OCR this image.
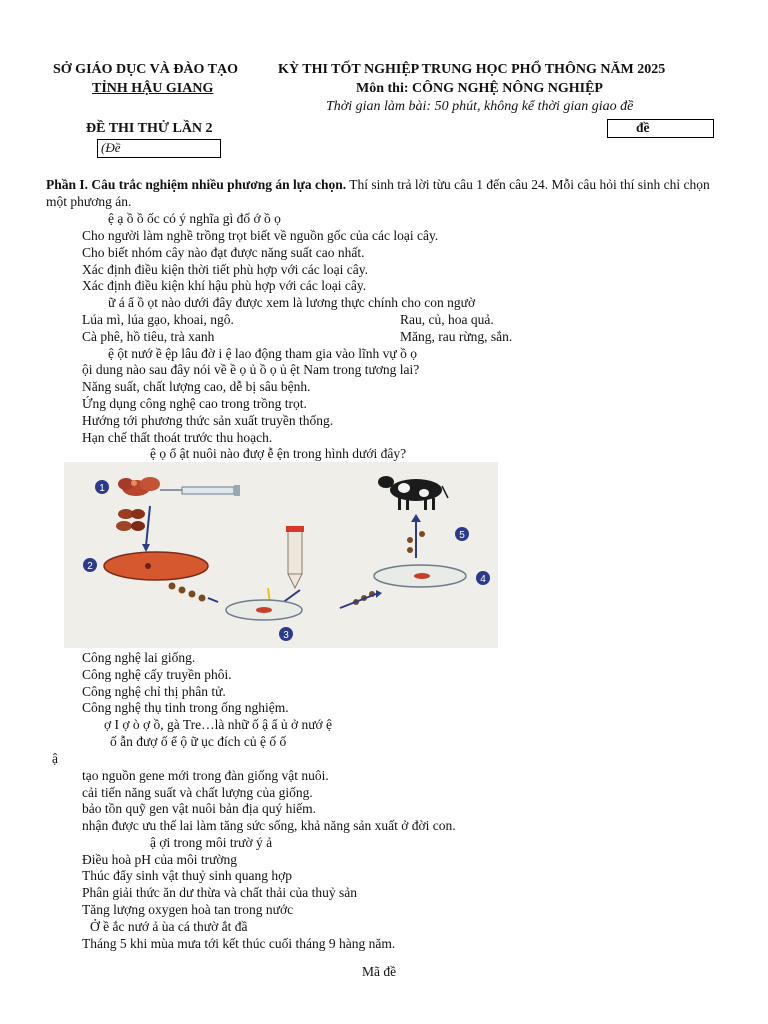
SỞ GIÁO DỤC VÀ ĐÀO TẠO
TỈNH HẬU GIANG
KỲ THI TỐT NGHIỆP TRUNG HỌC PHỔ THÔNG NĂM 2025
Môn thi: CÔNG NGHỆ NÔNG NGHIỆP
Thời gian làm bài: 50 phút, không kể thời gian giao đề
ĐỀ THI THỬ LẦN 2
(Đề
đề
Phần I. Câu trắc nghiệm nhiều phương án lựa chọn. Thí sinh trả lời từu câu 1 đến câu 24. Mỗi câu hỏi thí sinh chỉ chọn một phương án.
ệ ạ ồ ồ ốc có ý nghĩa gì đố ớ ồ ọ
Cho người làm nghề trồng trọt biết về nguồn gốc của các loại cây.
Cho biết nhóm cây nào đạt được năng suất cao nhất.
Xác định điều kiện thời tiết phù hợp với các loại cây.
Xác định điều kiện khí hậu phù hợp với các loại cây.
ữ á ẩ ồ ọt nào dưới đây được xem là lương thực chính cho con ngườ
Lúa mì, lúa gạo, khoai, ngô.	Rau, củ, hoa quả.
Cà phê, hồ tiêu, trà xanh	Măng, rau rừng, sắn.
ệ ột nướ ề ệp lâu đờ i ệ lao động tham gia vào lĩnh vự ồ ọ
ội dung nào sau đây nói về ề ọ ủ ồ ọ ủ ệt Nam trong tương lai?
Năng suất, chất lượng cao, dễ bị sâu bệnh.
Ứng dụng công nghệ cao trong trồng trọt.
Hướng tới phương thức sản xuất truyền thống.
Hạn chế thất thoát trước thu hoạch.
ệ ọ ổ ật nuôi nào đượ ễ ện trong hình dưới đây?
1
2
3
4
5
Công nghệ lai giống.
Công nghệ cấy truyền phôi.
Công nghệ chỉ thị phân tử.
Công nghệ thụ tinh trong ống nghiệm.
ợ I ợ ò ợ ồ, gà Tre…là nhữ ố ậ ẩ ủ ở nướ ệ
ố ẫn đượ ố ể ộ ữ ục đích củ ệ ố ố
ậ
tạo nguồn gene mới trong đàn giống vật nuôi.
cải tiến năng suất và chất lượng của giống.
bảo tồn quỹ gen vật nuôi bản địa quý hiếm.
nhận được ưu thế lai làm tăng sức sống, khả năng sản xuất ở đời con.
ậ ợi trong môi trườ ý ả
Điều hoà pH của môi trường
Thúc đẩy sinh vật thuỷ sinh quang hợp
Phân giải thức ăn dư thừa và chất thải của thuỷ sản
Tăng lượng oxygen hoà tan trong nước
Ở ề ắc nướ ả ùa cá thườ ắt đầ
Tháng 5 khi mùa mưa tới kết thúc cuối tháng 9 hàng năm.
Mã đề
